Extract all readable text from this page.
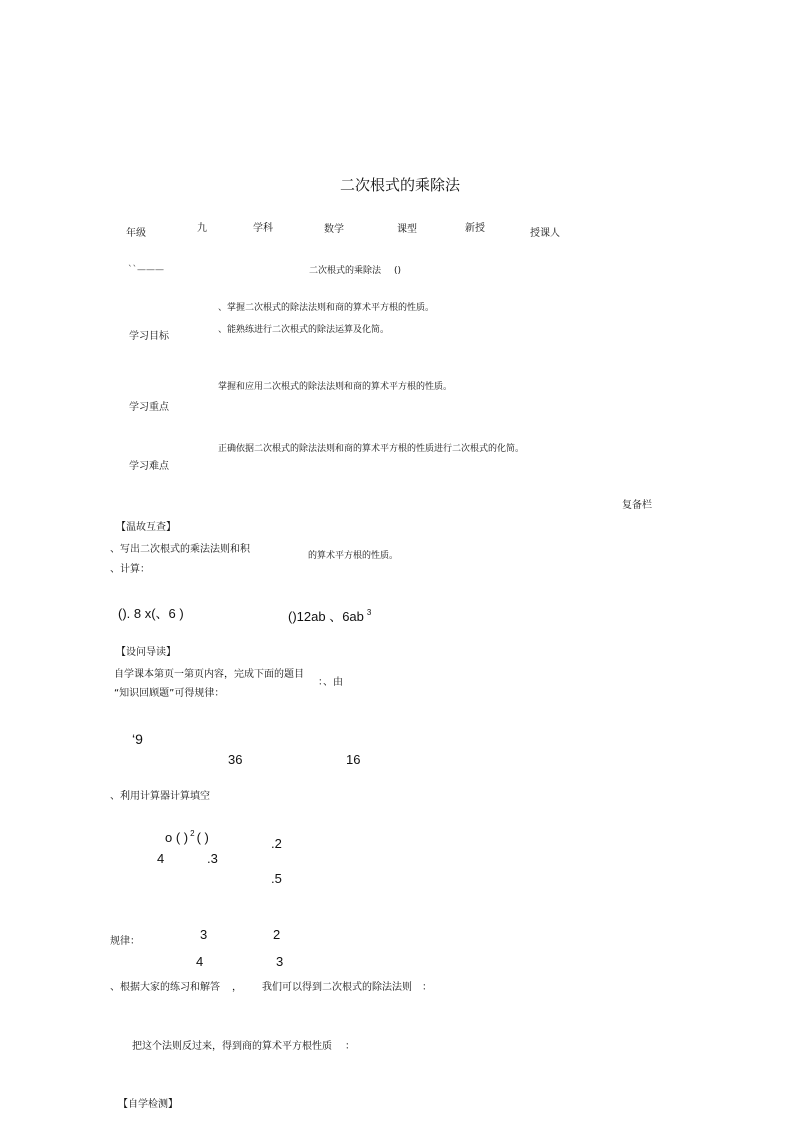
二次根式的乘除法
年级	九	学科	数学	课型	新授	授课人
ˋˋ———	二次根式的乘除法 ()
、掌握二次根式的除法法则和商的算术平方根的性质。
、能熟练进行二次根式的除法运算及化简。
学习目标
掌握和应用二次根式的除法法则和商的算术平方根的性质。
学习重点
正确依据二次根式的除法法则和商的算术平方根的性质进行二次根式的化简。
学习难点
复备栏
【温故互查】
、写出二次根式的乘法法则和积
的算术平方根的性质。
、计算：
(). 8 x(、6 )	()12ab 、6ab $^3$
【设问导读】
自学课本第页一第页内容，完成下面的题目
：、由
“知识回顾题”可得规律：
‘9
36	16
、利用计算器计算填空
o ( ) $^2$ ( )	.2
4	.3
.5
规律：	3	2
4	3
、根据大家的练习和解答 ， 我们可以得到二次根式的除法法则 ：
把这个法则反过来，得到商的算术平方根性质 ：
【自学检测】
